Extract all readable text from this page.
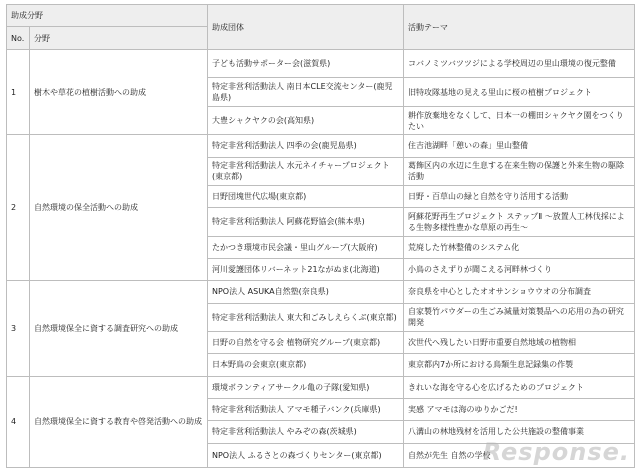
助成分野		助成団体	活動テーマ
No.	分野		
1	樹木や草花の植樹活動への助成	子ども活動サポーター会(滋賀県)	コバノミツバツツジによる学校周辺の里山環境の復元整備
		特定非営利活動法人 南日本CLE交流センター(鹿児島県)	旧特攻隊基地の見える里山に桜の植樹プロジェクト
		大豊シャクヤクの会(高知県)	耕作放棄地をなくして、日本一の棚田シャクヤク園をつくりたい
2	自然環境の保全活動への助成	特定非営利活動法人 四季の会(鹿児島県)	住吉池湖畔「憩いの森」里山整備
		特定非営利活動法人 水元ネイチャープロジェクト(東京都)	葛飾区内の水辺に生息する在来生物の保護と外来生物の駆除活動
		日野団塊世代広場(東京都)	日野・百草山の緑と自然を守り活用する活動
		特定非営利活動法人 阿蘇花野協会(熊本県)	阿蘇花野再生プロジェクト ステップⅡ ～放置人工林伐採による生物多様性豊かな草原の再生～
		たかつき環境市民会議・里山グループ(大阪府)	荒廃した竹林整備のシステム化
		河川愛護団体リバーネット21ながぬま(北海道)	小鳥のさえずりが聞こえる河畔林づくり
3	自然環境保全に資する調査研究への助成	NPO法人 ASUKA自然塾(奈良県)	奈良県を中心としたオオサンショウウオの分布調査
		特定非営利活動法人 東大和ごみしえらくぶ(東京都)	自家製竹パウダーの生ごみ減量対策製品への応用の為の研究開発
		日野の自然を守る会 植物研究グループ(東京都)	次世代へ残したい日野市重要自然地域の植物相
		日本野鳥の会東京(東京都)	東京都内7か所における鳥類生息記録集の作製
4	自然環境保全に資する教育や啓発活動への助成	環境ボランティアサークル亀の子隊(愛知県)	きれいな海を守る心を広げるためのプロジェクト
		特定非営利活動法人 アマモ種子バンク(兵庫県)	実感 アマモは海のゆりかごだ!
		特定非営利活動法人 やみぞの森(茨城県)	八溝山の林地残材を活用した公共施設の整備事業
		NPO法人 ふるさとの森づくりセンター(東京都)	自然が先生 自然の学校
Response.
